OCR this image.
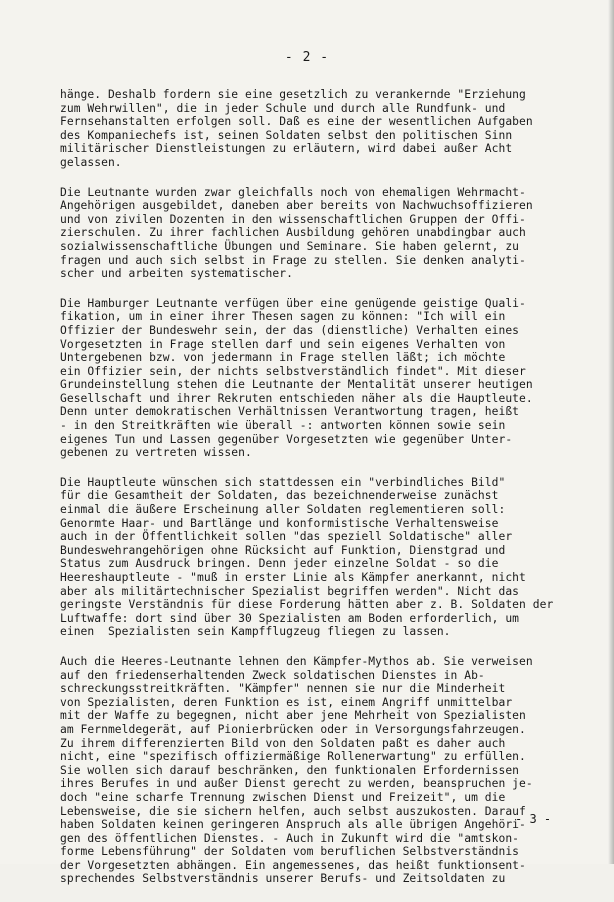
- 2 -
hänge. Deshalb fordern sie eine gesetzlich zu verankernde "Erziehung
zum Wehrwillen", die in jeder Schule und durch alle Rundfunk- und
Fernsehanstalten erfolgen soll. Daß es eine der wesentlichen Aufgaben
des Kompaniechefs ist, seinen Soldaten selbst den politischen Sinn
militärischer Dienstleistungen zu erläutern, wird dabei außer Acht
gelassen.
Die Leutnante wurden zwar gleichfalls noch von ehemaligen Wehrmacht-
Angehörigen ausgebildet, daneben aber bereits von Nachwuchsoffizieren
und von zivilen Dozenten in den wissenschaftlichen Gruppen der Offi-
zierschulen. Zu ihrer fachlichen Ausbildung gehören unabdingbar auch
sozialwissenschaftliche Übungen und Seminare. Sie haben gelernt, zu
fragen und auch sich selbst in Frage zu stellen. Sie denken analyti-
scher und arbeiten systematischer.
Die Hamburger Leutnante verfügen über eine genügende geistige Quali-
fikation, um in einer ihrer Thesen sagen zu können: "Ich will ein
Offizier der Bundeswehr sein, der das (dienstliche) Verhalten eines
Vorgesetzten in Frage stellen darf und sein eigenes Verhalten von
Untergebenen bzw. von jedermann in Frage stellen läßt; ich möchte
ein Offizier sein, der nichts selbstverständlich findet". Mit dieser
Grundeinstellung stehen die Leutnante der Mentalität unserer heutigen
Gesellschaft und ihrer Rekruten entschieden näher als die Hauptleute.
Denn unter demokratischen Verhältnissen Verantwortung tragen, heißt
- in den Streitkräften wie überall -: antworten können sowie sein
eigenes Tun und Lassen gegenüber Vorgesetzten wie gegenüber Unter-
gebenen zu vertreten wissen.
Die Hauptleute wünschen sich stattdessen ein "verbindliches Bild"
für die Gesamtheit der Soldaten, das bezeichnenderweise zunächst
einmal die äußere Erscheinung aller Soldaten reglementieren soll:
Genormte Haar- und Bartlänge und konformistische Verhaltensweise
auch in der Öffentlichkeit sollen "das speziell Soldatische" aller
Bundeswehrangehörigen ohne Rücksicht auf Funktion, Dienstgrad und
Status zum Ausdruck bringen. Denn jeder einzelne Soldat - so die
Heereshauptleute - "muß in erster Linie als Kämpfer anerkannt, nicht
aber als militärtechnischer Spezialist begriffen werden". Nicht das
geringste Verständnis für diese Forderung hätten aber z. B. Soldaten der
Luftwaffe: dort sind über 30 Spezialisten am Boden erforderlich, um
einen  Spezialisten sein Kampfflugzeug fliegen zu lassen.
Auch die Heeres-Leutnante lehnen den Kämpfer-Mythos ab. Sie verweisen
auf den friedenserhaltenden Zweck soldatischen Dienstes in Ab-
schreckungsstreitkräften. "Kämpfer" nennen sie nur die Minderheit
von Spezialisten, deren Funktion es ist, einem Angriff unmittelbar
mit der Waffe zu begegnen, nicht aber jene Mehrheit von Spezialisten
am Fernmeldegerät, auf Pionierbrücken oder in Versorgungsfahrzeugen.
Zu ihrem differenzierten Bild von den Soldaten paßt es daher auch
nicht, eine "spezifisch offiziermäßige Rollenerwartung" zu erfüllen.
Sie wollen sich darauf beschränken, den funktionalen Erfordernissen
ihres Berufes in und außer Dienst gerecht zu werden, beanspruchen je-
doch "eine scharfe Trennung zwischen Dienst und Freizeit", um die
Lebensweise, die sie sichern helfen, auch selbst auszukosten. Darauf
haben Soldaten keinen geringeren Anspruch als alle übrigen Angehöri-
gen des öffentlichen Dienstes. - Auch in Zukunft wird die "amtskon-
forme Lebensführung" der Soldaten vom beruflichen Selbstverständnis
der Vorgesetzten abhängen. Ein angemessenes, das heißt funktionsent-
sprechendes Selbstverständnis unserer Berufs- und Zeitsoldaten zu
- 3 -
